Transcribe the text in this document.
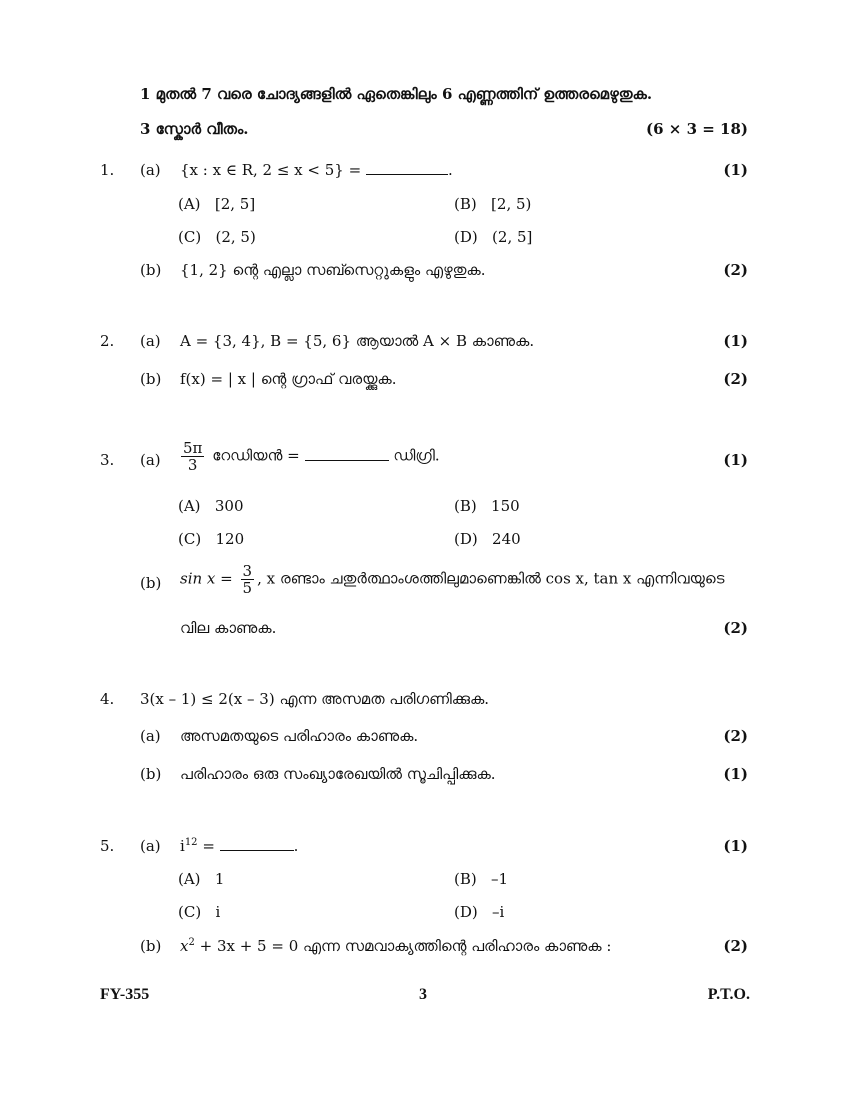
1 മുതൽ 7 വരെ ചോദ്യങ്ങളിൽ ഏതെങ്കിലും 6 എണ്ണത്തിന് ഉത്തരമെഴുതുക.
3 സ്കോർ വീതം.	(6 × 3 = 18)
1. (a) {x : x ∈ R, 2 ≤ x < 5} =	.	(1)
(A) [2, 5]	(B) [2, 5)
(C) (2, 5)	(D) (2, 5]
(b) {1, 2} ന്റെ എല്ലാ സബ്സെറ്റുകളും എഴുതുക.	(2)
2. (a) A = {3, 4}, B = {5, 6} ആയാൽ A × B കാണുക.	(1)
(b) f(x) = | x | ന്റെ ഗ്രാഫ് വരയ്ക്കുക.	(2)
3. $(a) \frac{5\pi}{3}$ റേഡിയൻ =	ഡിഗ്രി.	(1)
(A) 300	(B) 150
(C) 120	(D) 240
(b) $\sin x = \frac{3}{5}$ , x രണ്ടാം ചതുർത്ഥാംശത്തിലുമാണെങ്കിൽ cos x, tan x എന്നിവയുടെ
വില കാണുക.	(2)
4. 3(x – 1) ≤ 2(x – 3) എന്ന അസമത പരിഗണിക്കുക.
(a) അസമതയുടെ പരിഹാരം കാണുക.	(2)
(b) പരിഹാരം ഒരു സംഖ്യാരേഖയിൽ സൂചിപ്പിക്കുക.	(1)
5. (a) $i^{12}$ =	.	(1)
(A) 1	(B) –1
(C) i	(D) –i
(b) $x^2 + 3x + 5 = 0$ എന്ന സമവാക്യത്തിന്റെ പരിഹാരം കാണുക :	(2)
FY-355	3	P.T.O.
